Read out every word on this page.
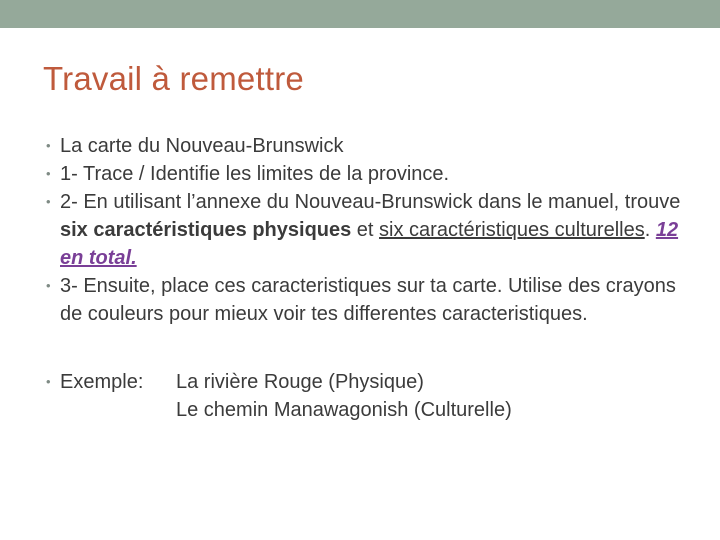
Travail à remettre
• La carte du Nouveau-Brunswick
• 1- Trace / Identifie les limites de la province.
• 2- En utilisant l’annexe du Nouveau-Brunswick dans le manuel, trouve six caractéristiques physiques et six caractéristiques culturelles. 12 en total.
• 3- Ensuite, place ces caracteristiques sur ta carte. Utilise des crayons de couleurs pour mieux voir tes differentes caracteristiques.
• Exemple:	La rivière Rouge (Physique)
Le chemin Manawagonish (Culturelle)
